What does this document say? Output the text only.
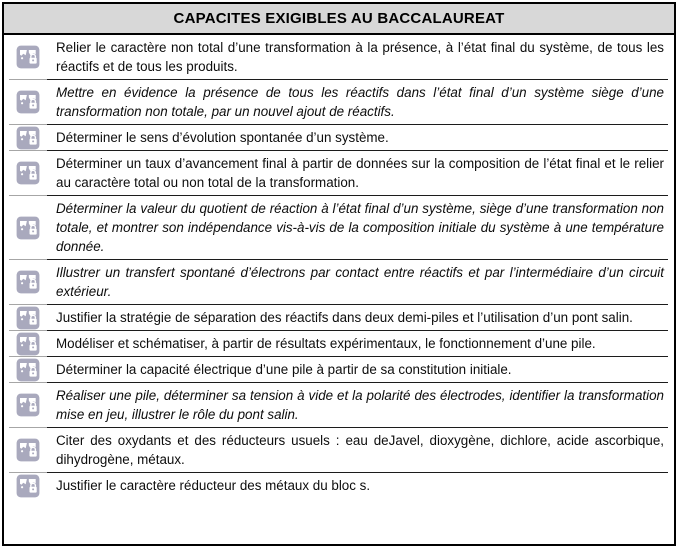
CAPACITES EXIGIBLES AU BACCALAUREAT
Relier le caractère non total d’une transformation à la présence, à l’état final du système, de tous les réactifs et de tous les produits.
Mettre en évidence la présence de tous les réactifs dans l’état final d’un système siège d’une transformation non totale, par un nouvel ajout de réactifs.
Déterminer le sens d’évolution spontanée d’un système.
Déterminer un taux d’avancement final à partir de données sur la composition de l’état final et le relier au caractère total ou non total de la transformation.
Déterminer la valeur du quotient de réaction à l’état final d’un système, siège d’une transformation non totale, et montrer son indépendance vis-à-vis de la composition initiale du système à une température donnée.
Illustrer un transfert spontané d’électrons par contact entre réactifs et par l’intermédiaire d’un circuit extérieur.
Justifier la stratégie de séparation des réactifs dans deux demi-piles et l’utilisation d’un pont salin.
Modéliser et schématiser, à partir de résultats expérimentaux, le fonctionnement d’une pile.
Déterminer la capacité électrique d’une pile à partir de sa constitution initiale.
Réaliser une pile, déterminer sa tension à vide et la polarité des électrodes, identifier la transformation mise en jeu, illustrer le rôle du pont salin.
Citer des oxydants et des réducteurs usuels : eau deJavel, dioxygène, dichlore, acide ascorbique, dihydrogène, métaux.
Justifier le caractère réducteur des métaux du bloc s.
